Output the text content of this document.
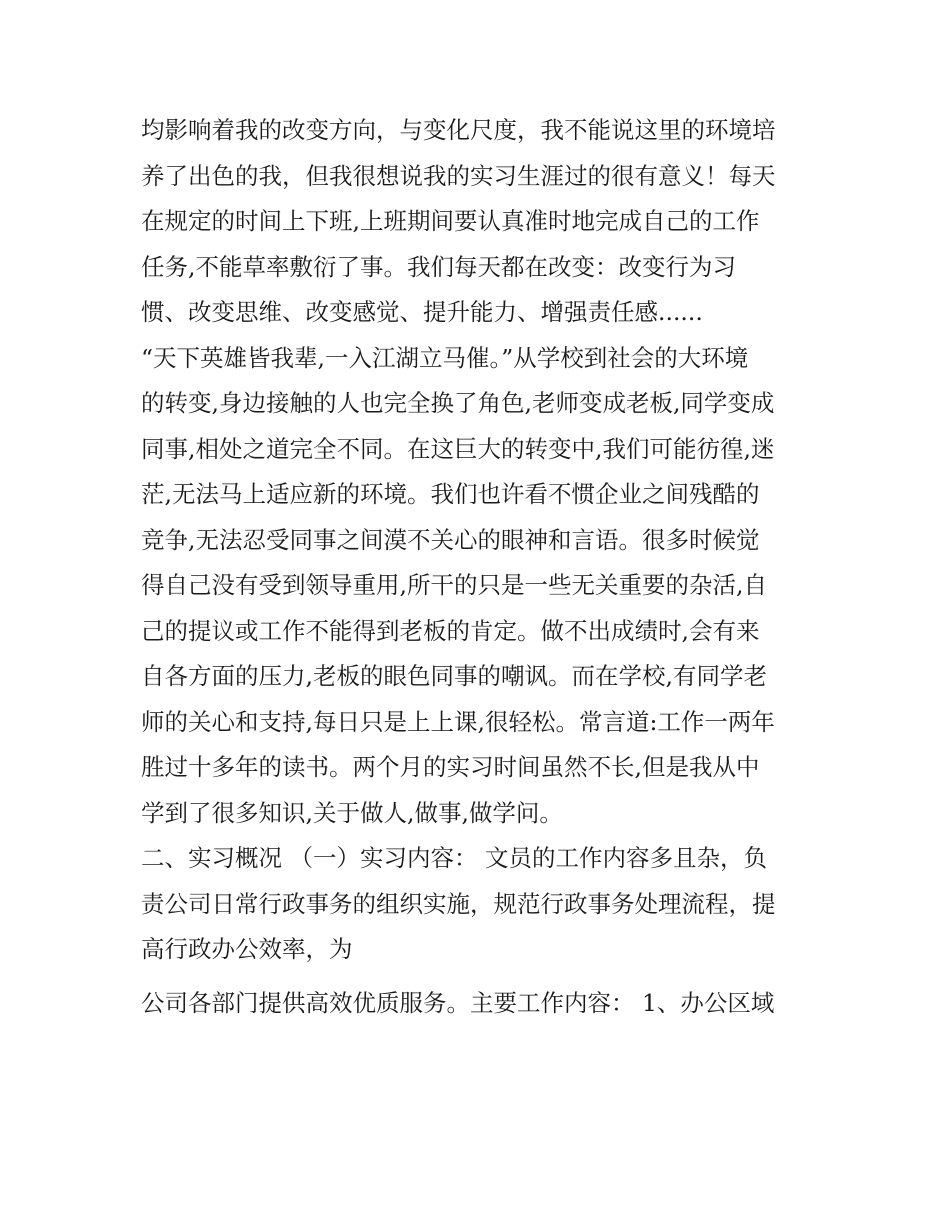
均影响着我的改变方向，与变化尺度，我不能说这里的环境培
养了出色的我，但我很想说我的实习生涯过的很有意义！每天
在规定的时间上下班,上班期间要认真准时地完成自己的工作
任务,不能草率敷衍了事。我们每天都在改变：改变行为习
惯、改变思维、改变感觉、提升能力、增强责任感......
“天下英雄皆我辈,一入江湖立马催。”从学校到社会的大环境
的转变,身边接触的人也完全换了角色,老师变成老板,同学变成
同事,相处之道完全不同。在这巨大的转变中,我们可能彷徨,迷
茫,无法马上适应新的环境。我们也许看不惯企业之间残酷的
竞争,无法忍受同事之间漠不关心的眼神和言语。很多时候觉
得自己没有受到领导重用,所干的只是一些无关重要的杂活,自
己的提议或工作不能得到老板的肯定。做不出成绩时,会有来
自各方面的压力,老板的眼色同事的嘲讽。而在学校,有同学老
师的关心和支持,每日只是上上课,很轻松。常言道:工作一两年
胜过十多年的读书。两个月的实习时间虽然不长,但是我从中
学到了很多知识,关于做人,做事,做学问。
二、实习概况 （一）实习内容： 文员的工作内容多且杂，负
责公司日常行政事务的组织实施，规范行政事务处理流程，提
高行政办公效率，为
公司各部门提供高效优质服务。主要工作内容： 1、办公区域
